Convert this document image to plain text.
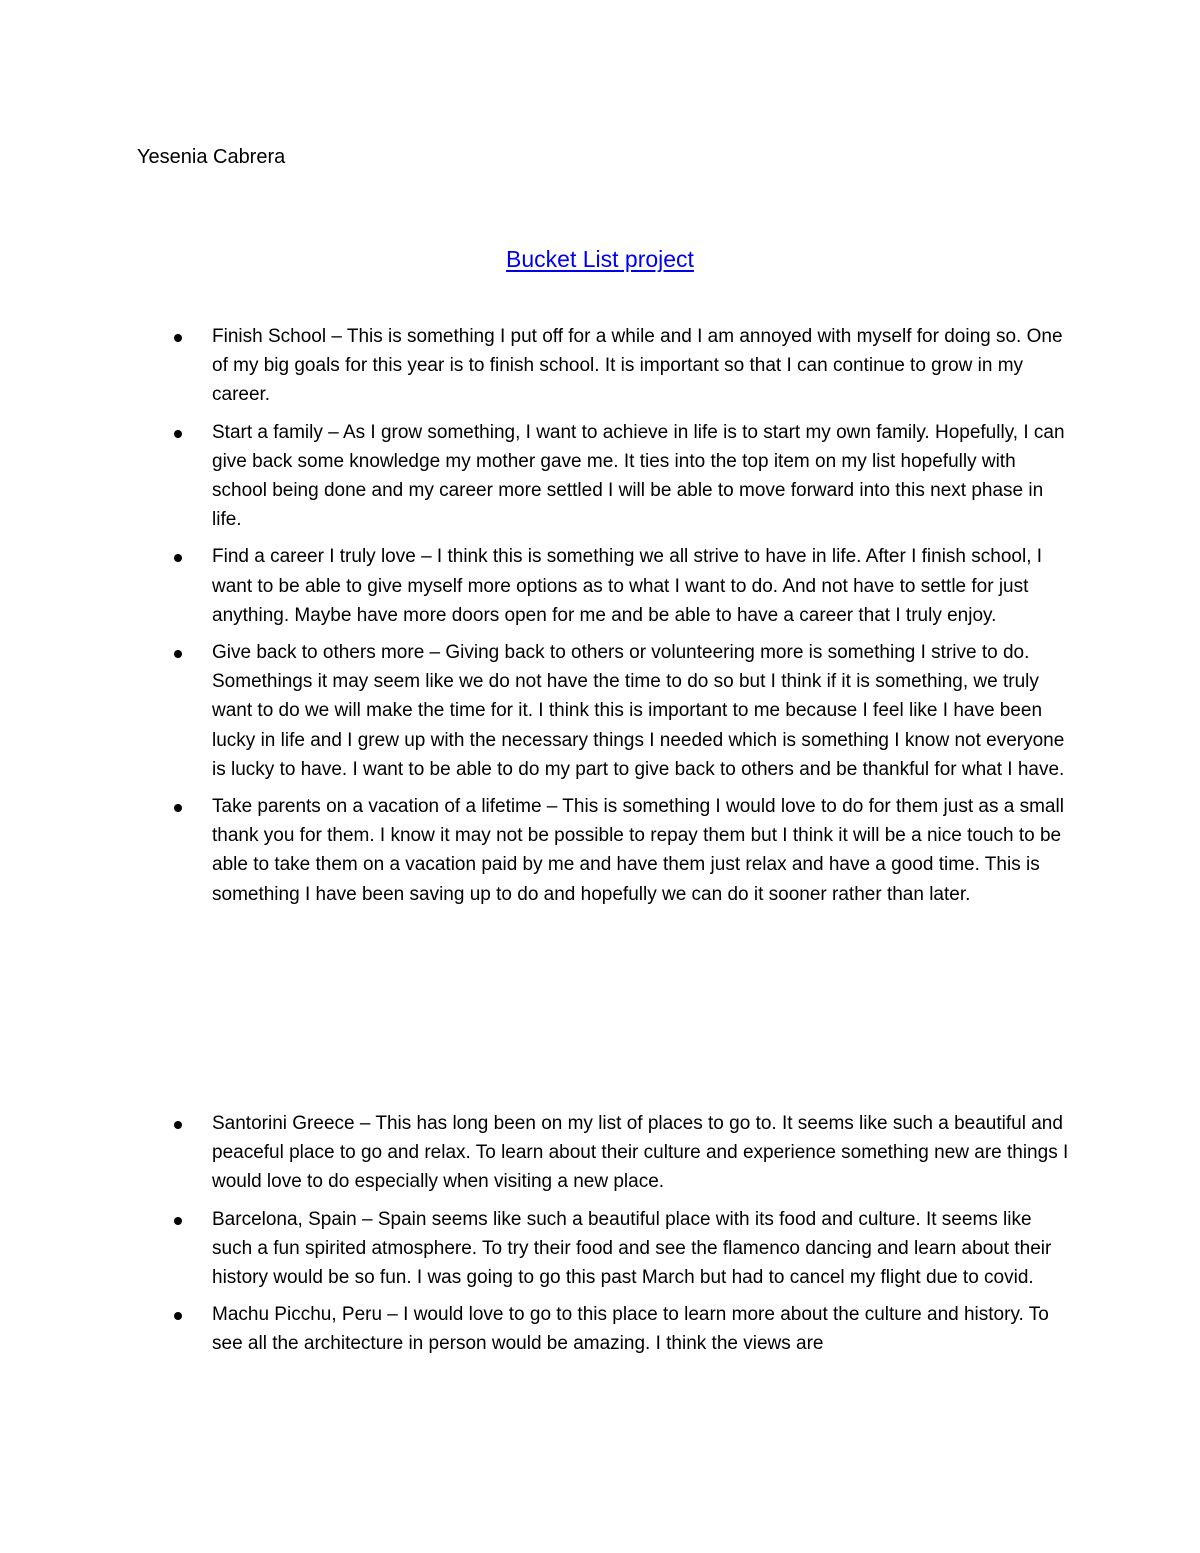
Yesenia Cabrera
Bucket List project
Finish School – This is something I put off for a while and I am annoyed with myself for doing so. One of my big goals for this year is to finish school. It is important so that I can continue to grow in my career.
Start a family – As I grow something, I want to achieve in life is to start my own family. Hopefully, I can give back some knowledge my mother gave me. It ties into the top item on my list hopefully with school being done and my career more settled I will be able to move forward into this next phase in life.
Find a career I truly love – I think this is something we all strive to have in life. After I finish school, I want to be able to give myself more options as to what I want to do. And not have to settle for just anything. Maybe have more doors open for me and be able to have a career that I truly enjoy.
Give back to others more – Giving back to others or volunteering more is something I strive to do. Somethings it may seem like we do not have the time to do so but I think if it is something, we truly want to do we will make the time for it. I think this is important to me because I feel like I have been lucky in life and I grew up with the necessary things I needed which is something I know not everyone is lucky to have. I want to be able to do my part to give back to others and be thankful for what I have.
Take parents on a vacation of a lifetime – This is something I would love to do for them just as a small thank you for them. I know it may not be possible to repay them but I think it will be a nice touch to be able to take them on a vacation paid by me and have them just relax and have a good time. This is something I have been saving up to do and hopefully we can do it sooner rather than later.
Santorini Greece – This has long been on my list of places to go to. It seems like such a beautiful and peaceful place to go and relax. To learn about their culture and experience something new are things I would love to do especially when visiting a new place.
Barcelona, Spain – Spain seems like such a beautiful place with its food and culture. It seems like such a fun spirited atmosphere. To try their food and see the flamenco dancing and learn about their history would be so fun. I was going to go this past March but had to cancel my flight due to covid.
Machu Picchu, Peru – I would love to go to this place to learn more about the culture and history. To see all the architecture in person would be amazing. I think the views are
